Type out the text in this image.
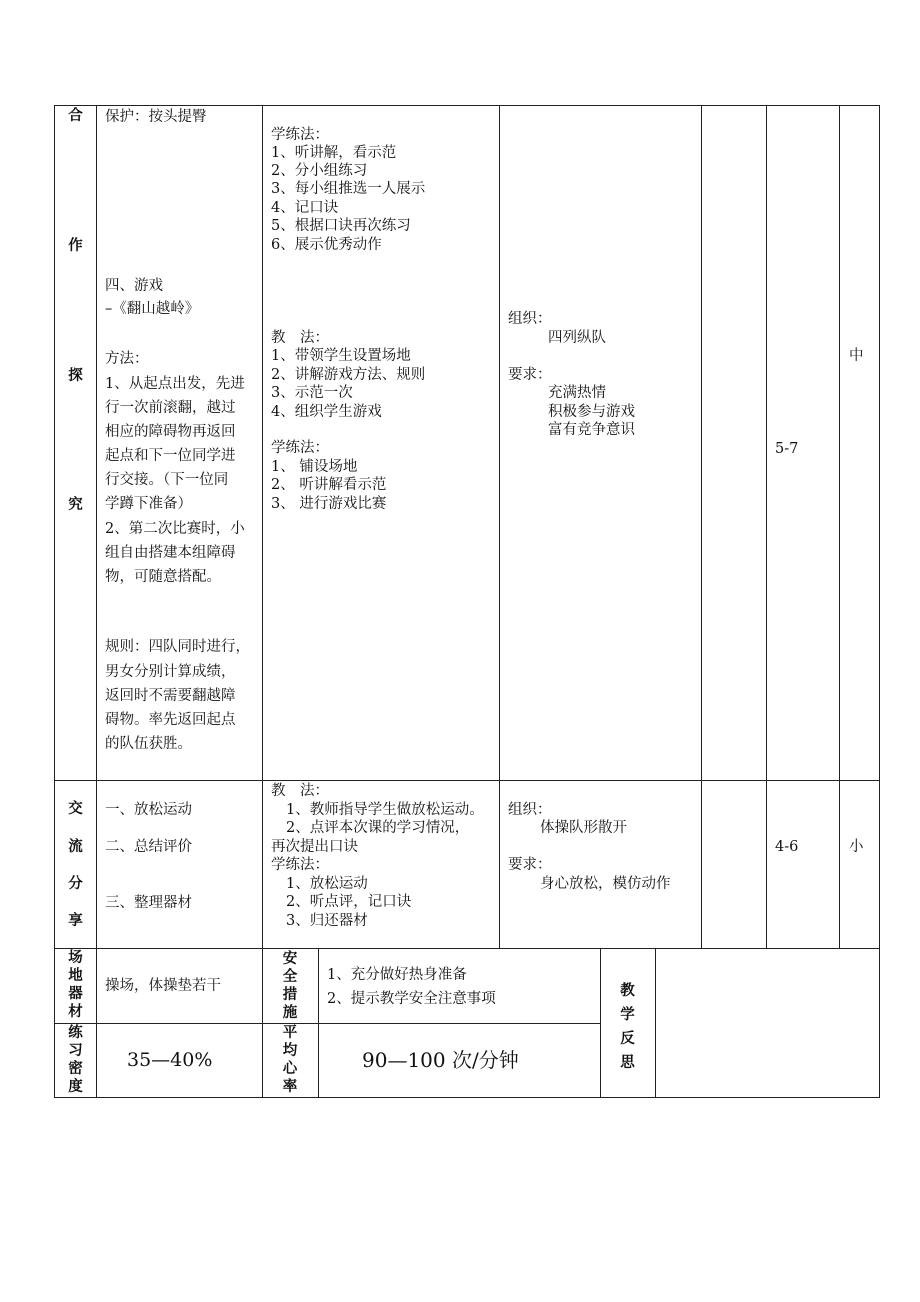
合
作
探
究
保护：按头提臀
四、游戏
–《翻山越岭》
方法：
1、从起点出发，先进
行一次前滚翻，越过
相应的障碍物再返回
起点和下一位同学进
行交接。（下一位同
学蹲下准备）
2、第二次比赛时，小
组自由搭建本组障碍
物，可随意搭配。
规则：四队同时进行，
男女分别计算成绩，
返回时不需要翻越障
碍物。率先返回起点
的队伍获胜。
学练法：
1、听讲解，看示范
2、分小组练习
3、每小组推选一人展示
4、记口诀
5、根据口诀再次练习
6、展示优秀动作
教　法：
1、带领学生设置场地
2、讲解游戏方法、规则
3、示范一次
4、组织学生游戏
学练法：
1、 铺设场地
2、 听讲解看示范
3、 进行游戏比赛
组织：
四列纵队
要求：
充满热情
积极参与游戏
富有竞争意识
5-7
中
交
流
分
享
一、放松运动
二、总结评价
三、整理器材
教　法：
1、教师指导学生做放松运动。
2、点评本次课的学习情况，
再次提出口诀
学练法：
1、放松运动
2、听点评，记口诀
3、归还器材
组织：
体操队形散开
要求：
身心放松，模仿动作
4-6	小
场
地
器
材
操场，体操垫若干
安
全
措
施
1、充分做好热身准备
2、提示教学安全注意事项	教
学
反
思
练
习
密
度
35—40%
平
均
心
率
90—100 次/分钟
